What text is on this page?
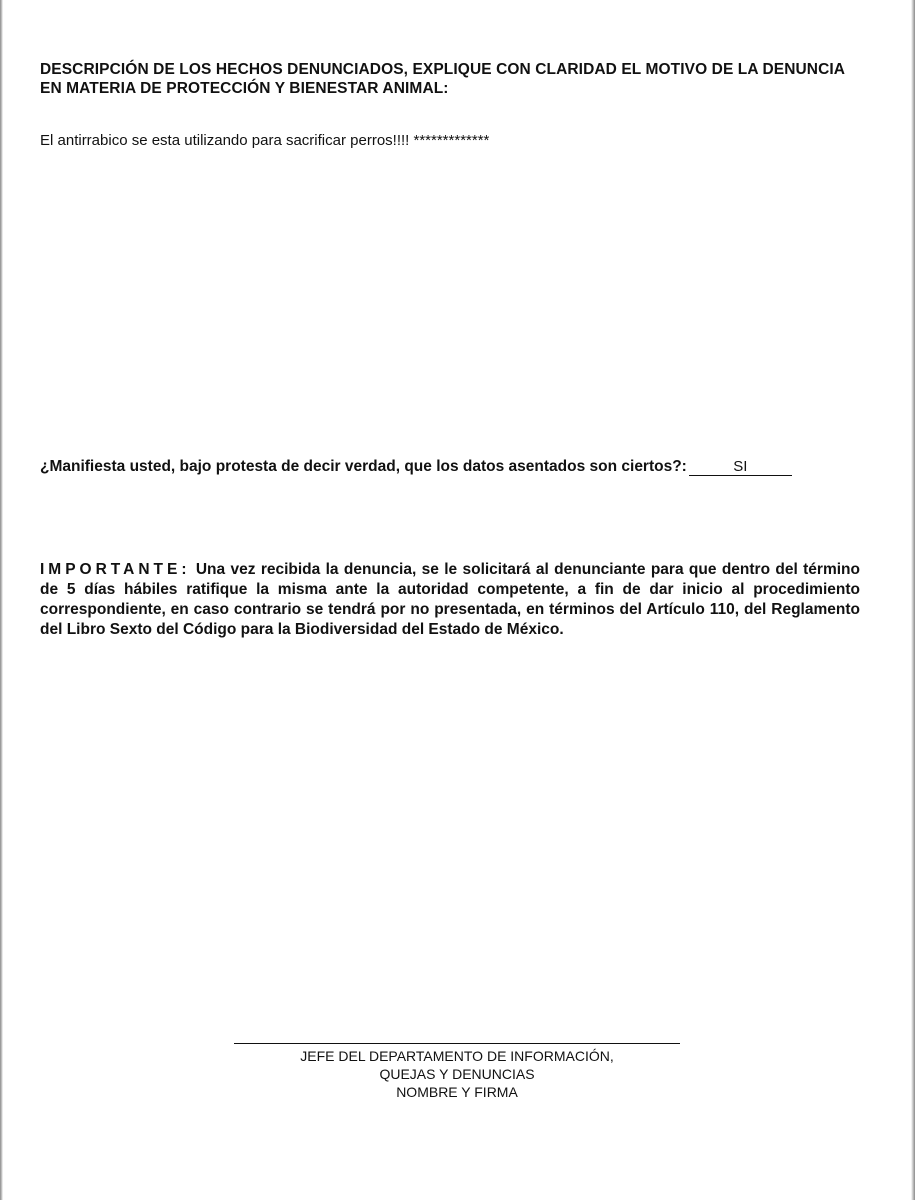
DESCRIPCIÓN DE LOS HECHOS DENUNCIADOS, EXPLIQUE CON CLARIDAD EL MOTIVO DE LA DENUNCIA EN MATERIA DE PROTECCIÓN Y BIENESTAR ANIMAL:
El antirrabico se esta utilizando para sacrificar perros!!!! *************
¿Manifiesta usted, bajo protesta de decir verdad, que los datos asentados son ciertos?:	SI
IMPORTANTE: Una vez recibida la denuncia, se le solicitará al denunciante para que dentro del término de 5 días hábiles ratifique la misma ante la autoridad competente, a fin de dar inicio al procedimiento correspondiente, en caso contrario se tendrá por no presentada, en términos del Artículo 110, del Reglamento del Libro Sexto del Código para la Biodiversidad del Estado de México.
JEFE DEL DEPARTAMENTO DE INFORMACIÓN,
QUEJAS Y DENUNCIAS
NOMBRE Y FIRMA
